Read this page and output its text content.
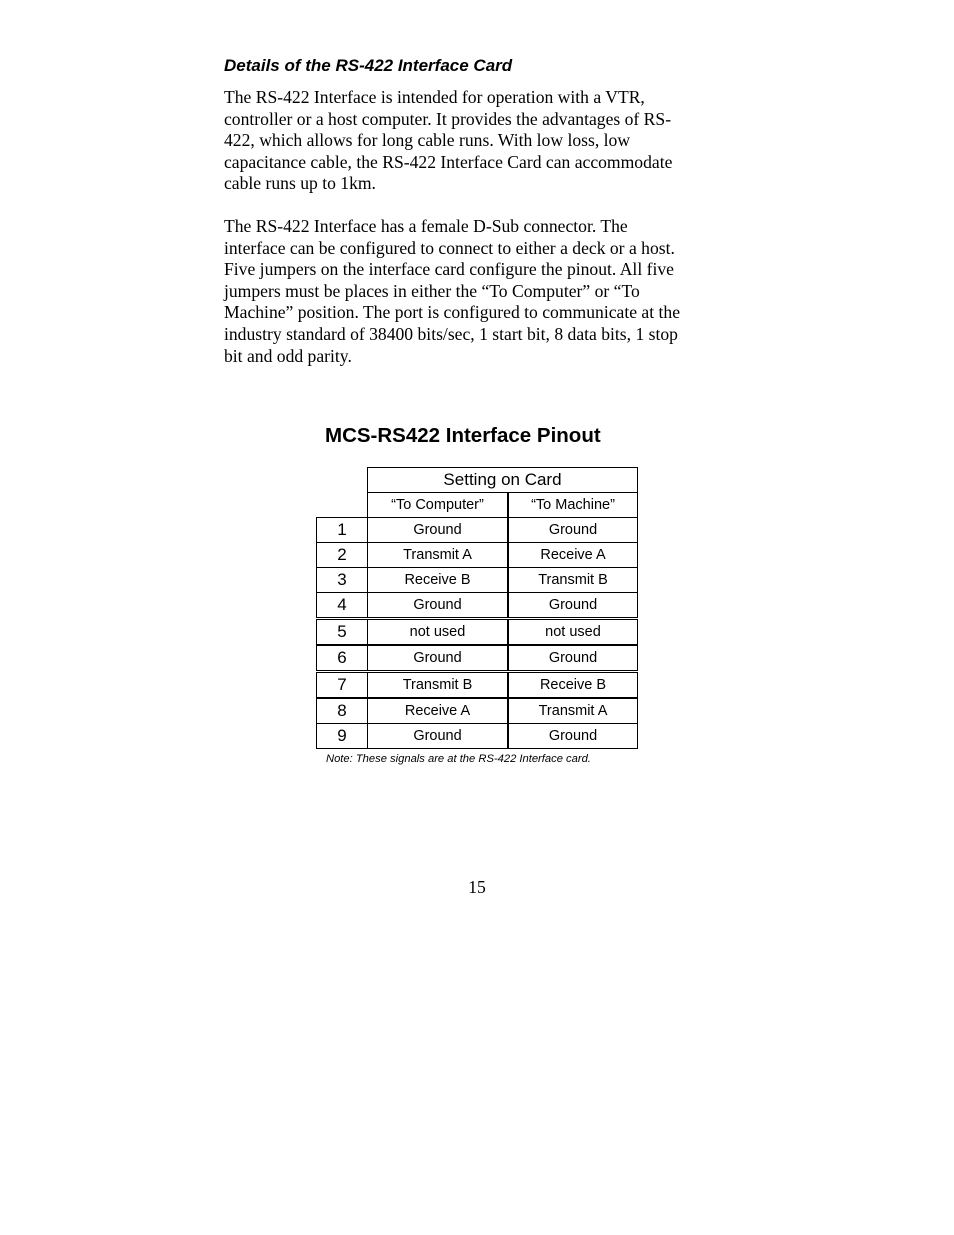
Details of the RS-422 Interface Card

The RS-422 Interface is intended for operation with a VTR,
controller or a host computer. It provides the advantages of RS-
422, which allows for long cable runs. With low loss, low
capacitance cable, the RS-422 Interface Card can accommodate
cable runs up to 1km.

The RS-422 Interface has a female D-Sub connector. The
interface can be configured to connect to either a deck or a host.
Five jumpers on the interface card configure the pinout. All five
jumpers must be places in either the “To Computer” or “To
Machine” position. The port is configured to communicate at the
industry standard of 38400 bits/sec, 1 start bit, 8 data bits, 1 stop
bit and odd parity.

MCS-RS422 Interface Pinout
Setting on Card
“To Computer”	“To Machine”
1	Ground	Ground
2	Transmit A	Receive A
3	Receive B	Transmit B
4	Ground	Ground
5	not used	not used
6	Ground	Ground
7	Transmit B	Receive B
8	Receive A	Transmit A
9	Ground	Ground

Note: These signals are at the RS-422 Interface card.

15
